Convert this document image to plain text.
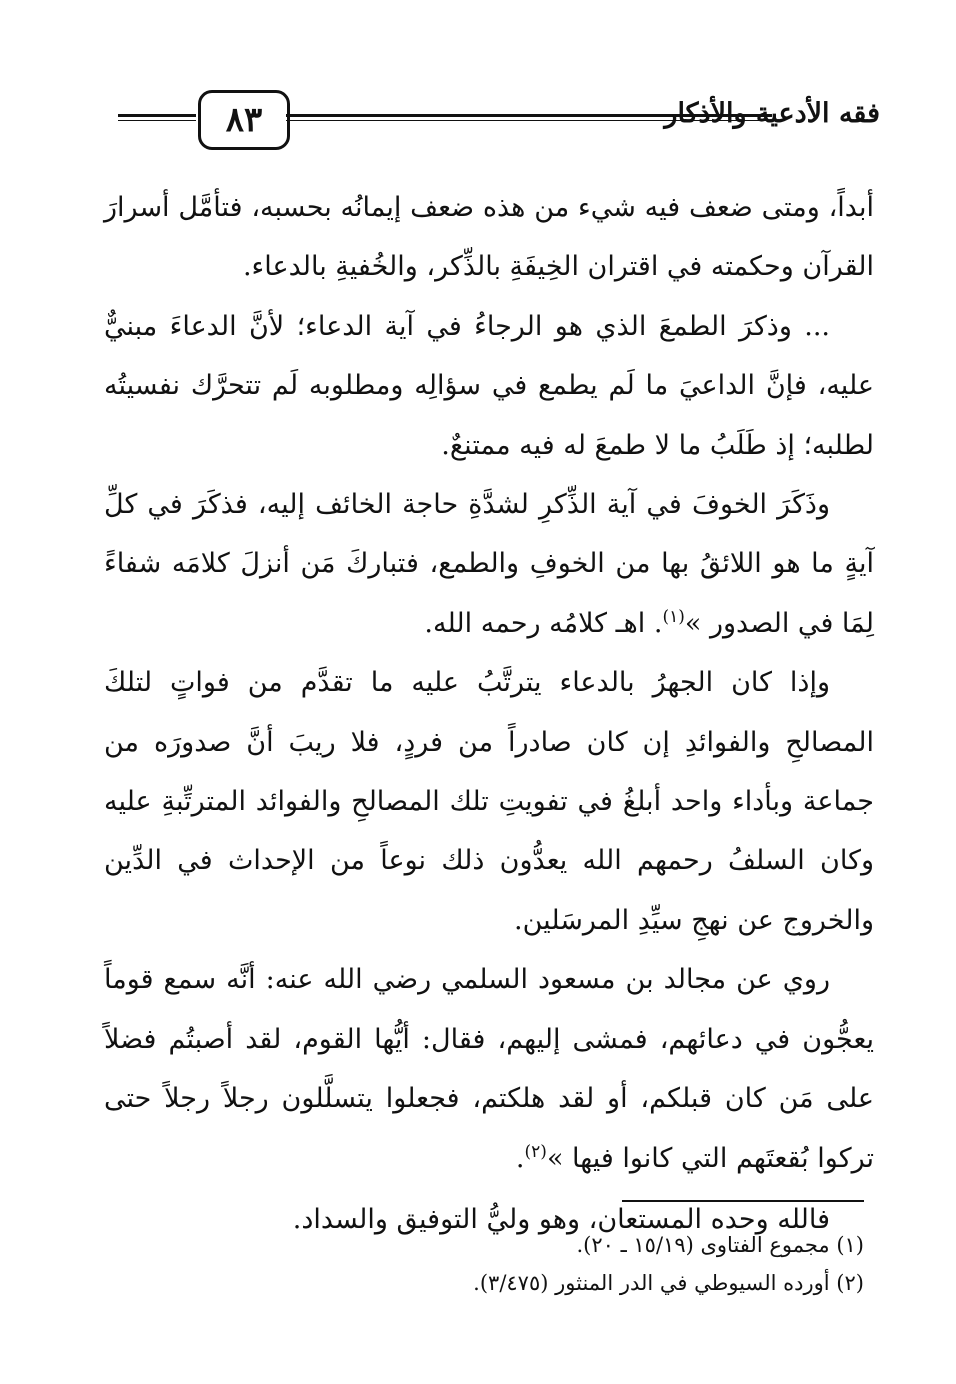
٨٣	فقه الأدعية والأذكار

أبداً، ومتى ضعف فيه شيء من هذه ضعف إيمانُه بحسبه، فتأمَّل أسرارَ القرآن وحكمته في اقتران الخِيفَةِ بالذِّكر، والخُفيةِ بالدعاء.

... وذكرَ الطمعَ الذي هو الرجاءُ في آية الدعاء؛ لأنَّ الدعاءَ مبنيٌّ عليه، فإنَّ الداعيَ ما لَم يطمع في سؤالِه ومطلوبه لَم تتحرَّك نفسيتُه لطلبه؛ إذ طَلَبُ ما لا طمعَ له فيه ممتنعٌ.

وذَكَرَ الخوفَ في آية الذِّكرِ لشدَّةِ حاجة الخائف إليه، فذكَرَ في كلِّ آيةٍ ما هو اللائقُ بها من الخوفِ والطمع، فتباركَ مَن أنزلَ كلامَه شفاءً لِمَا في الصدور »$^{(١)}$. اهـ كلامُه رحمه الله.

وإذا كان الجهرُ بالدعاء يترتَّبُ عليه ما تقدَّم من فواتٍ لتلكَ المصالحِ والفوائدِ إن كان صادراً من فردٍ، فلا ريبَ أنَّ صدورَه من جماعة وبأداء واحد أبلغُ في تفويتِ تلك المصالحِ والفوائد المترتِّبةِ عليه وكان السلفُ رحمهم الله يعدُّون ذلك نوعاً من الإحداث في الدِّين والخروج عن نهجِ سيِّدِ المرسَلين.

روي عن مجالد بن مسعود السلمي رضي الله عنه: أنَّه سمع قوماً يعجُّون في دعائهم، فمشى إليهم، فقال: أيُّها القوم، لقد أصبتُم فضلاً على مَن كان قبلكم، أو لقد هلكتم، فجعلوا يتسلَّلون رجلاً رجلاً حتى تركوا بُقعتَهم التي كانوا فيها »$^{(٢)}$.

فالله وحده المستعان، وهو وليُّ التوفيق والسداد.

(١) مجموع الفتاوى (١٥/١٩ ـ ٢٠).

(٢) أورده السيوطي في الدر المنثور (٣/٤٧٥).
